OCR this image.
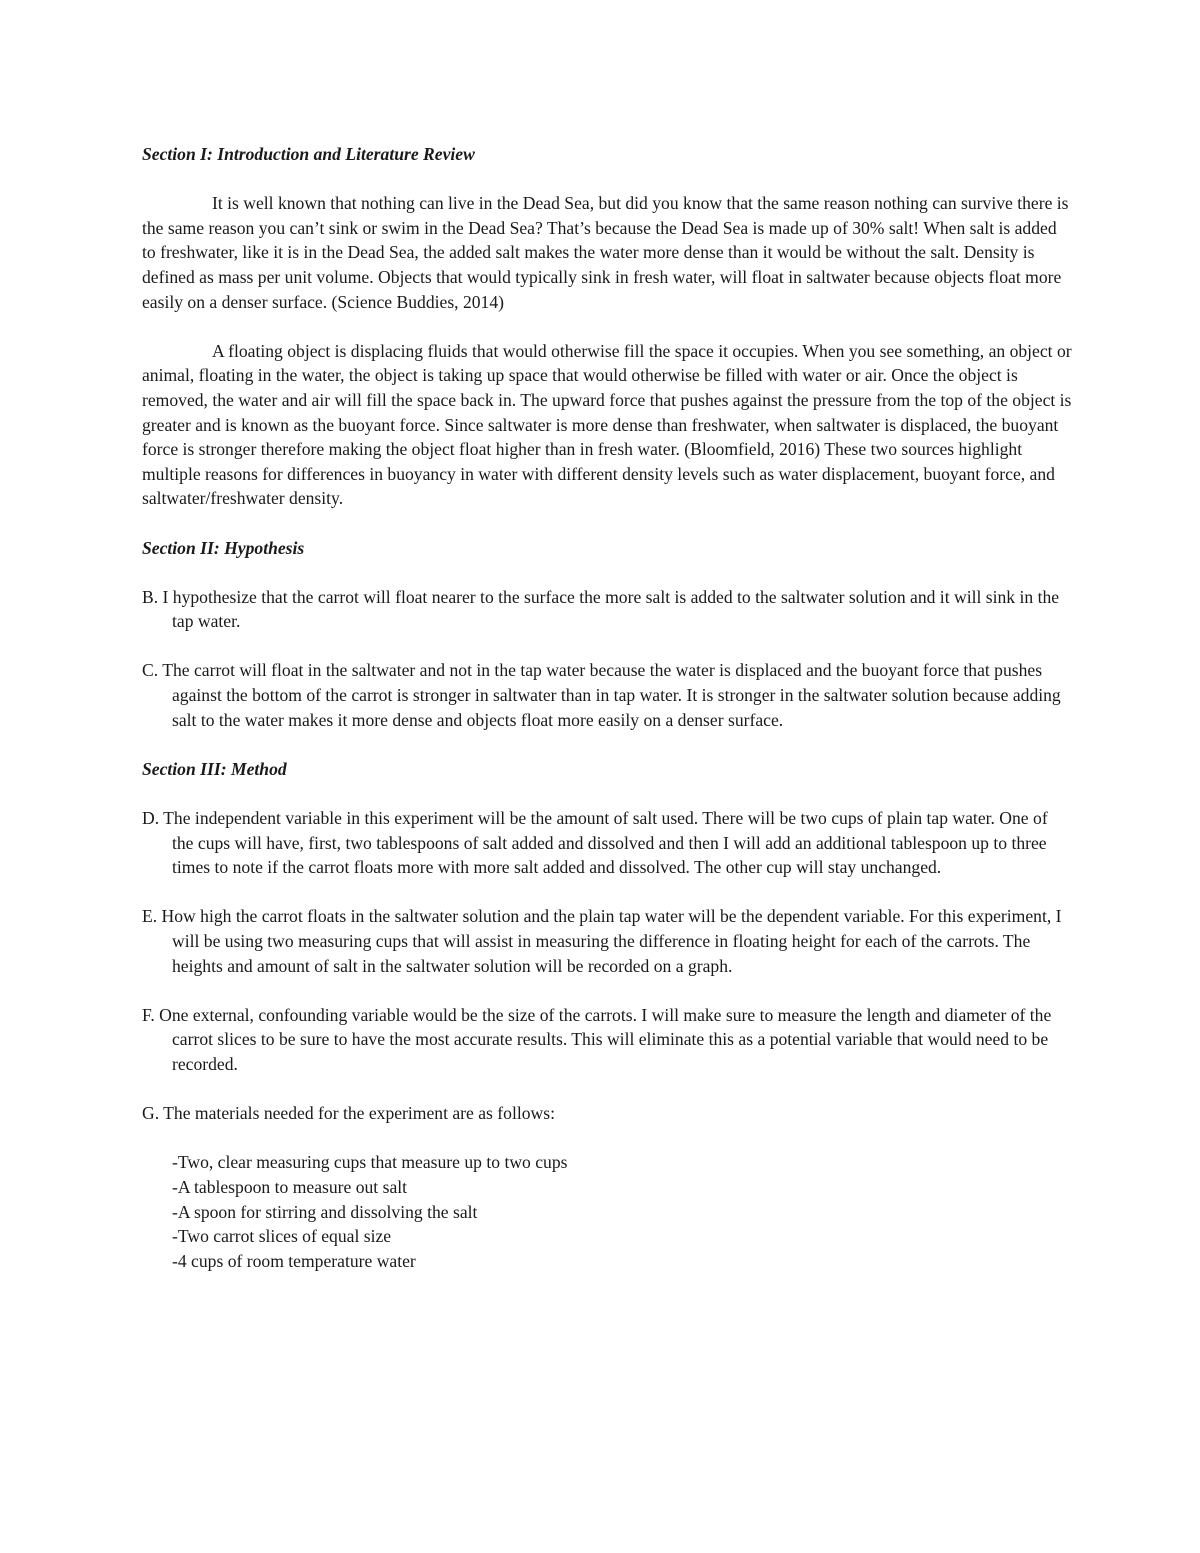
Section I: Introduction and Literature Review

It is well known that nothing can live in the Dead Sea, but did you know that the same reason nothing can survive there is the same reason you can’t sink or swim in the Dead Sea? That’s because the Dead Sea is made up of 30% salt! When salt is added to freshwater, like it is in the Dead Sea, the added salt makes the water more dense than it would be without the salt. Density is defined as mass per unit volume. Objects that would typically sink in fresh water, will float in saltwater because objects float more easily on a denser surface. (Science Buddies, 2014)

A floating object is displacing fluids that would otherwise fill the space it occupies. When you see something, an object or animal, floating in the water, the object is taking up space that would otherwise be filled with water or air. Once the object is removed, the water and air will fill the space back in. The upward force that pushes against the pressure from the top of the object is greater and is known as the buoyant force. Since saltwater is more dense than freshwater, when saltwater is displaced, the buoyant force is stronger therefore making the object float higher than in fresh water. (Bloomfield, 2016) These two sources highlight multiple reasons for differences in buoyancy in water with different density levels such as water displacement, buoyant force, and saltwater/freshwater density.

Section II: Hypothesis

B. I hypothesize that the carrot will float nearer to the surface the more salt is added to the saltwater solution and it will sink in the tap water.

C. The carrot will float in the saltwater and not in the tap water because the water is displaced and the buoyant force that pushes against the bottom of the carrot is stronger in saltwater than in tap water. It is stronger in the saltwater solution because adding salt to the water makes it more dense and objects float more easily on a denser surface.

Section III: Method

D. The independent variable in this experiment will be the amount of salt used. There will be two cups of plain tap water. One of the cups will have, first, two tablespoons of salt added and dissolved and then I will add an additional tablespoon up to three times to note if the carrot floats more with more salt added and dissolved. The other cup will stay unchanged.

E. How high the carrot floats in the saltwater solution and the plain tap water will be the dependent variable. For this experiment, I will be using two measuring cups that will assist in measuring the difference in floating height for each of the carrots. The heights and amount of salt in the saltwater solution will be recorded on a graph.

F. One external, confounding variable would be the size of the carrots. I will make sure to measure the length and diameter of the carrot slices to be sure to have the most accurate results. This will eliminate this as a potential variable that would need to be recorded.

G. The materials needed for the experiment are as follows:

-Two, clear measuring cups that measure up to two cups
-A tablespoon to measure out salt
-A spoon for stirring and dissolving the salt
-Two carrot slices of equal size
-4 cups of room temperature water
